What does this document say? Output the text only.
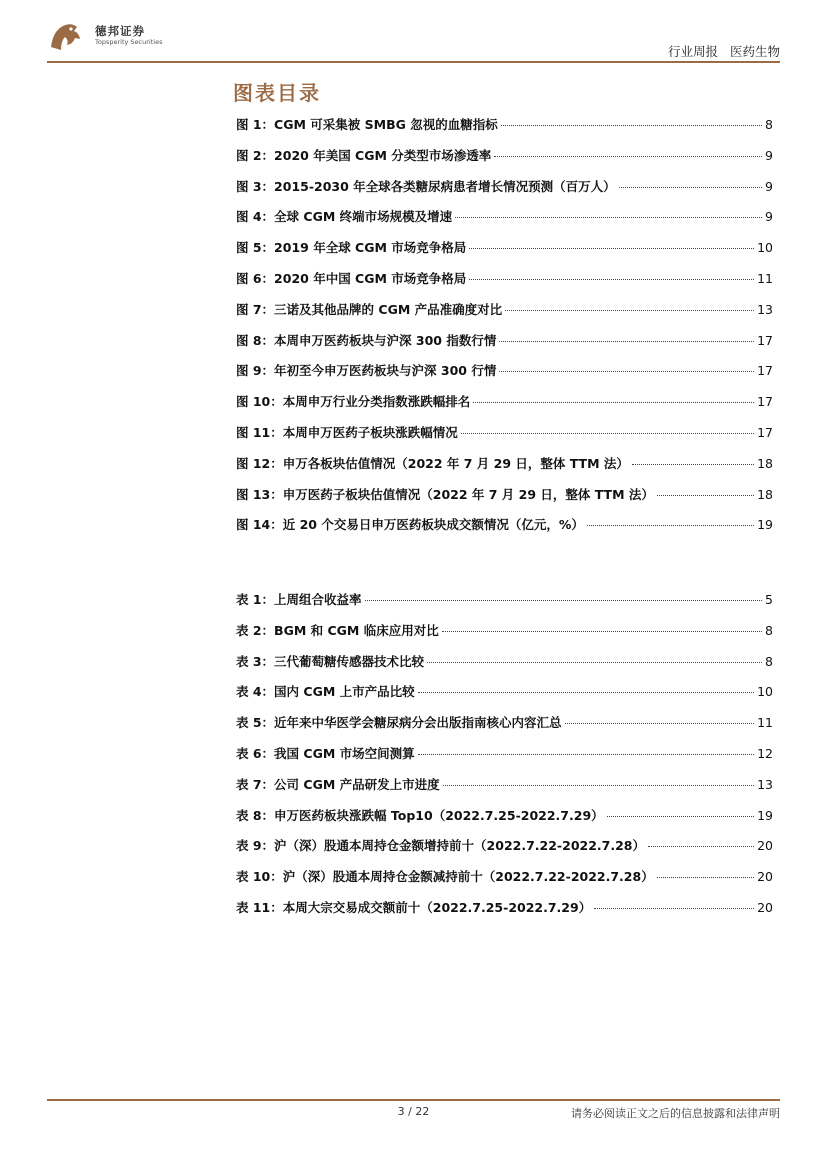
德邦证券
Topsperity Securities
行业周报 医药生物
图表目录
图 1：CGM 可采集被 SMBG 忽视的血糖指标	8
图 2：2020 年美国 CGM 分类型市场渗透率	9
图 3：2015-2030 年全球各类糖尿病患者增长情况预测（百万人）	9
图 4：全球 CGM 终端市场规模及增速	9
图 5：2019 年全球 CGM 市场竞争格局	10
图 6：2020 年中国 CGM 市场竞争格局	11
图 7：三诺及其他品牌的 CGM 产品准确度对比	13
图 8：本周申万医药板块与沪深 300 指数行情	17
图 9：年初至今申万医药板块与沪深 300 行情	17
图 10：本周申万行业分类指数涨跌幅排名	17
图 11：本周申万医药子板块涨跌幅情况	17
图 12：申万各板块估值情况（2022 年 7 月 29 日，整体 TTM 法）	18
图 13：申万医药子板块估值情况（2022 年 7 月 29 日，整体 TTM 法）	18
图 14：近 20 个交易日申万医药板块成交额情况（亿元，%）	19
表 1：上周组合收益率	5
表 2：BGM 和 CGM 临床应用对比	8
表 3：三代葡萄糖传感器技术比较	8
表 4：国内 CGM 上市产品比较	10
表 5：近年来中华医学会糖尿病分会出版指南核心内容汇总	11
表 6：我国 CGM 市场空间测算	12
表 7：公司 CGM 产品研发上市进度	13
表 8：申万医药板块涨跌幅 Top10（2022.7.25-2022.7.29）	19
表 9：沪（深）股通本周持仓金额增持前十（2022.7.22-2022.7.28）	20
表 10：沪（深）股通本周持仓金额减持前十（2022.7.22-2022.7.28）	20
表 11：本周大宗交易成交额前十（2022.7.25-2022.7.29）	20
3 / 22	请务必阅读正文之后的信息披露和法律声明
